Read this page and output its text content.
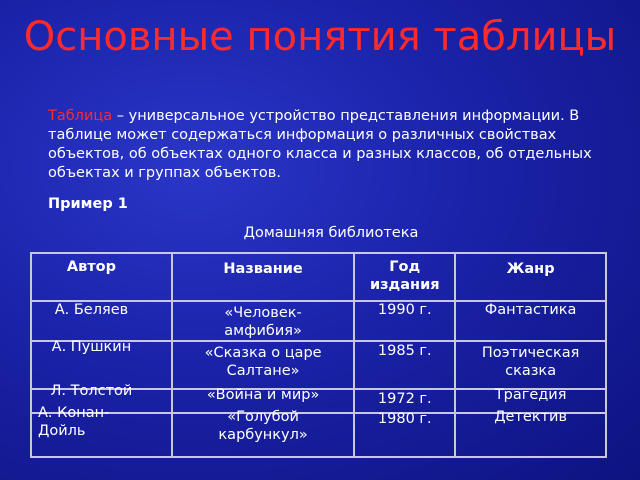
Основные понятия таблицы
Таблица – универсальное устройство представления информации. В таблице может содержаться информация о различных свойствах объектов, об объектах одного класса и разных классов, об отдельных объектах и группах объектов.
Пример 1
Домашняя библиотека
Автор	Название	Год издания	Жанр

А. Беляев	«Человек-амфибия»	1990 г.	Фантастика

А. Пушкин	«Сказка о царе Салтане»	1985 г.	Поэтическая сказка

Л. Толстой	«Война и мир»	1972 г.	Трагедия

А. Конан-Дойль	«Голубой карбункул»	1980 г.	Детектив
